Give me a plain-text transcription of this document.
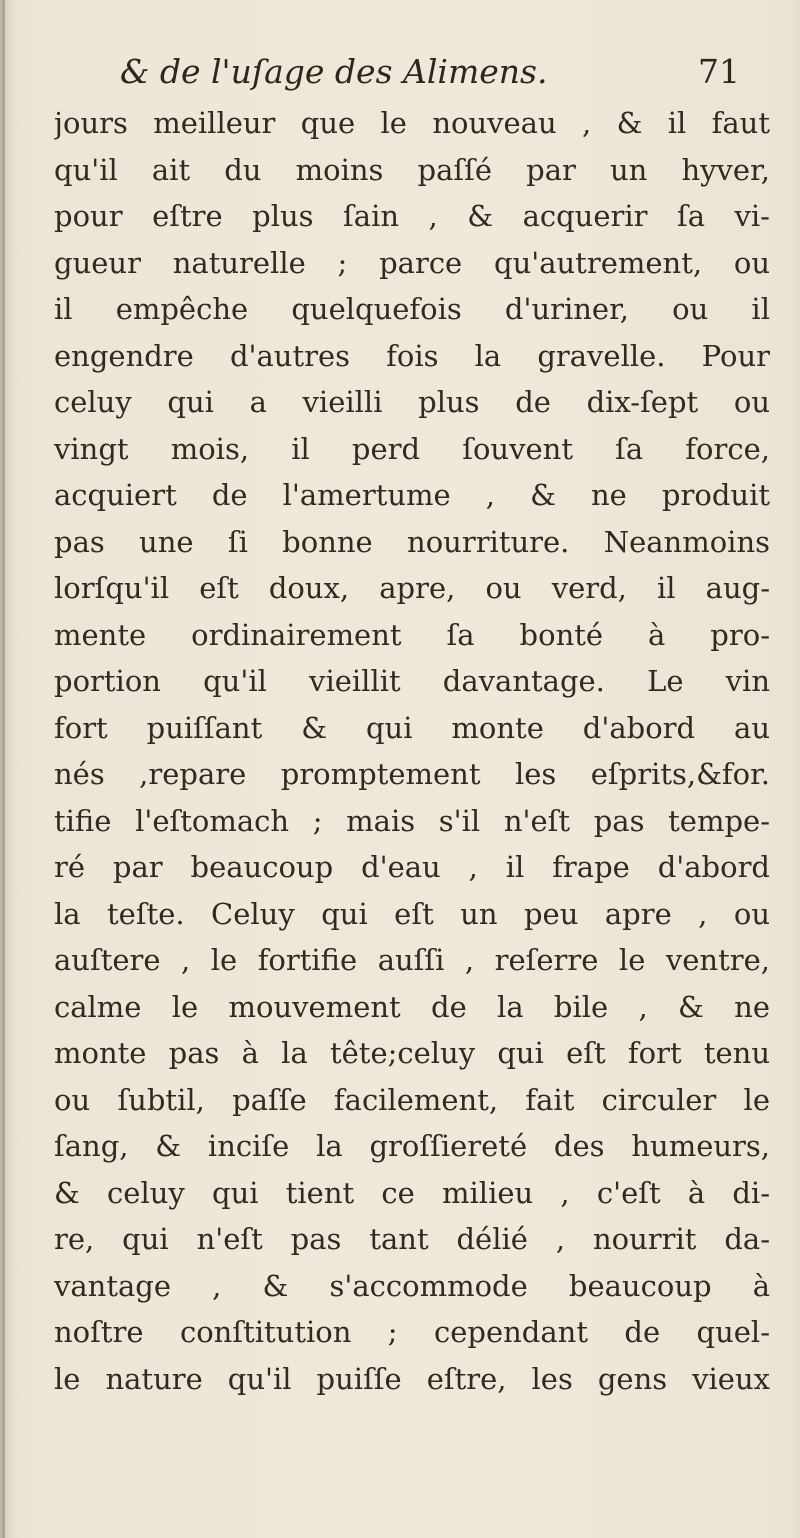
& de l'uſage des Alimens.	71
jours meilleur que le nouveau , & il faut
qu'il ait du moins paſſé par un hyver,
pour eſtre plus ſain , & acquerir ſa vi-
gueur naturelle ; parce qu'autrement, ou
il empêche quelquefois d'uriner, ou il
engendre d'autres fois la gravelle. Pour
celuy qui a vieilli plus de dix-ſept ou
vingt mois, il perd ſouvent ſa force,
acquiert de l'amertume , & ne produit
pas une ſi bonne nourriture. Neanmoins
lorſqu'il eſt doux, apre, ou verd, il aug-
mente ordinairement ſa bonté à pro-
portion qu'il vieillit davantage. Le vin
fort puiſſant & qui monte d'abord au
nés ,repare promptement les eſprits,&for.
tifie l'eſtomach ; mais s'il n'eſt pas tempe-
ré par beaucoup d'eau , il frape d'abord
la teſte. Celuy qui eſt un peu apre , ou
auſtere , le fortifie auſſi , reſerre le ventre,
calme le mouvement de la bile , & ne
monte pas à la tête;celuy qui eſt fort tenu
ou ſubtil, paſſe facilement, fait circuler le
ſang, & inciſe la groſſiereté des humeurs,
& celuy qui tient ce milieu , c'eſt à di-
re, qui n'eſt pas tant délié , nourrit da-
vantage , & s'accommode beaucoup à
noſtre conſtitution ; cependant de quel-
le nature qu'il puiſſe eſtre, les gens vieux
